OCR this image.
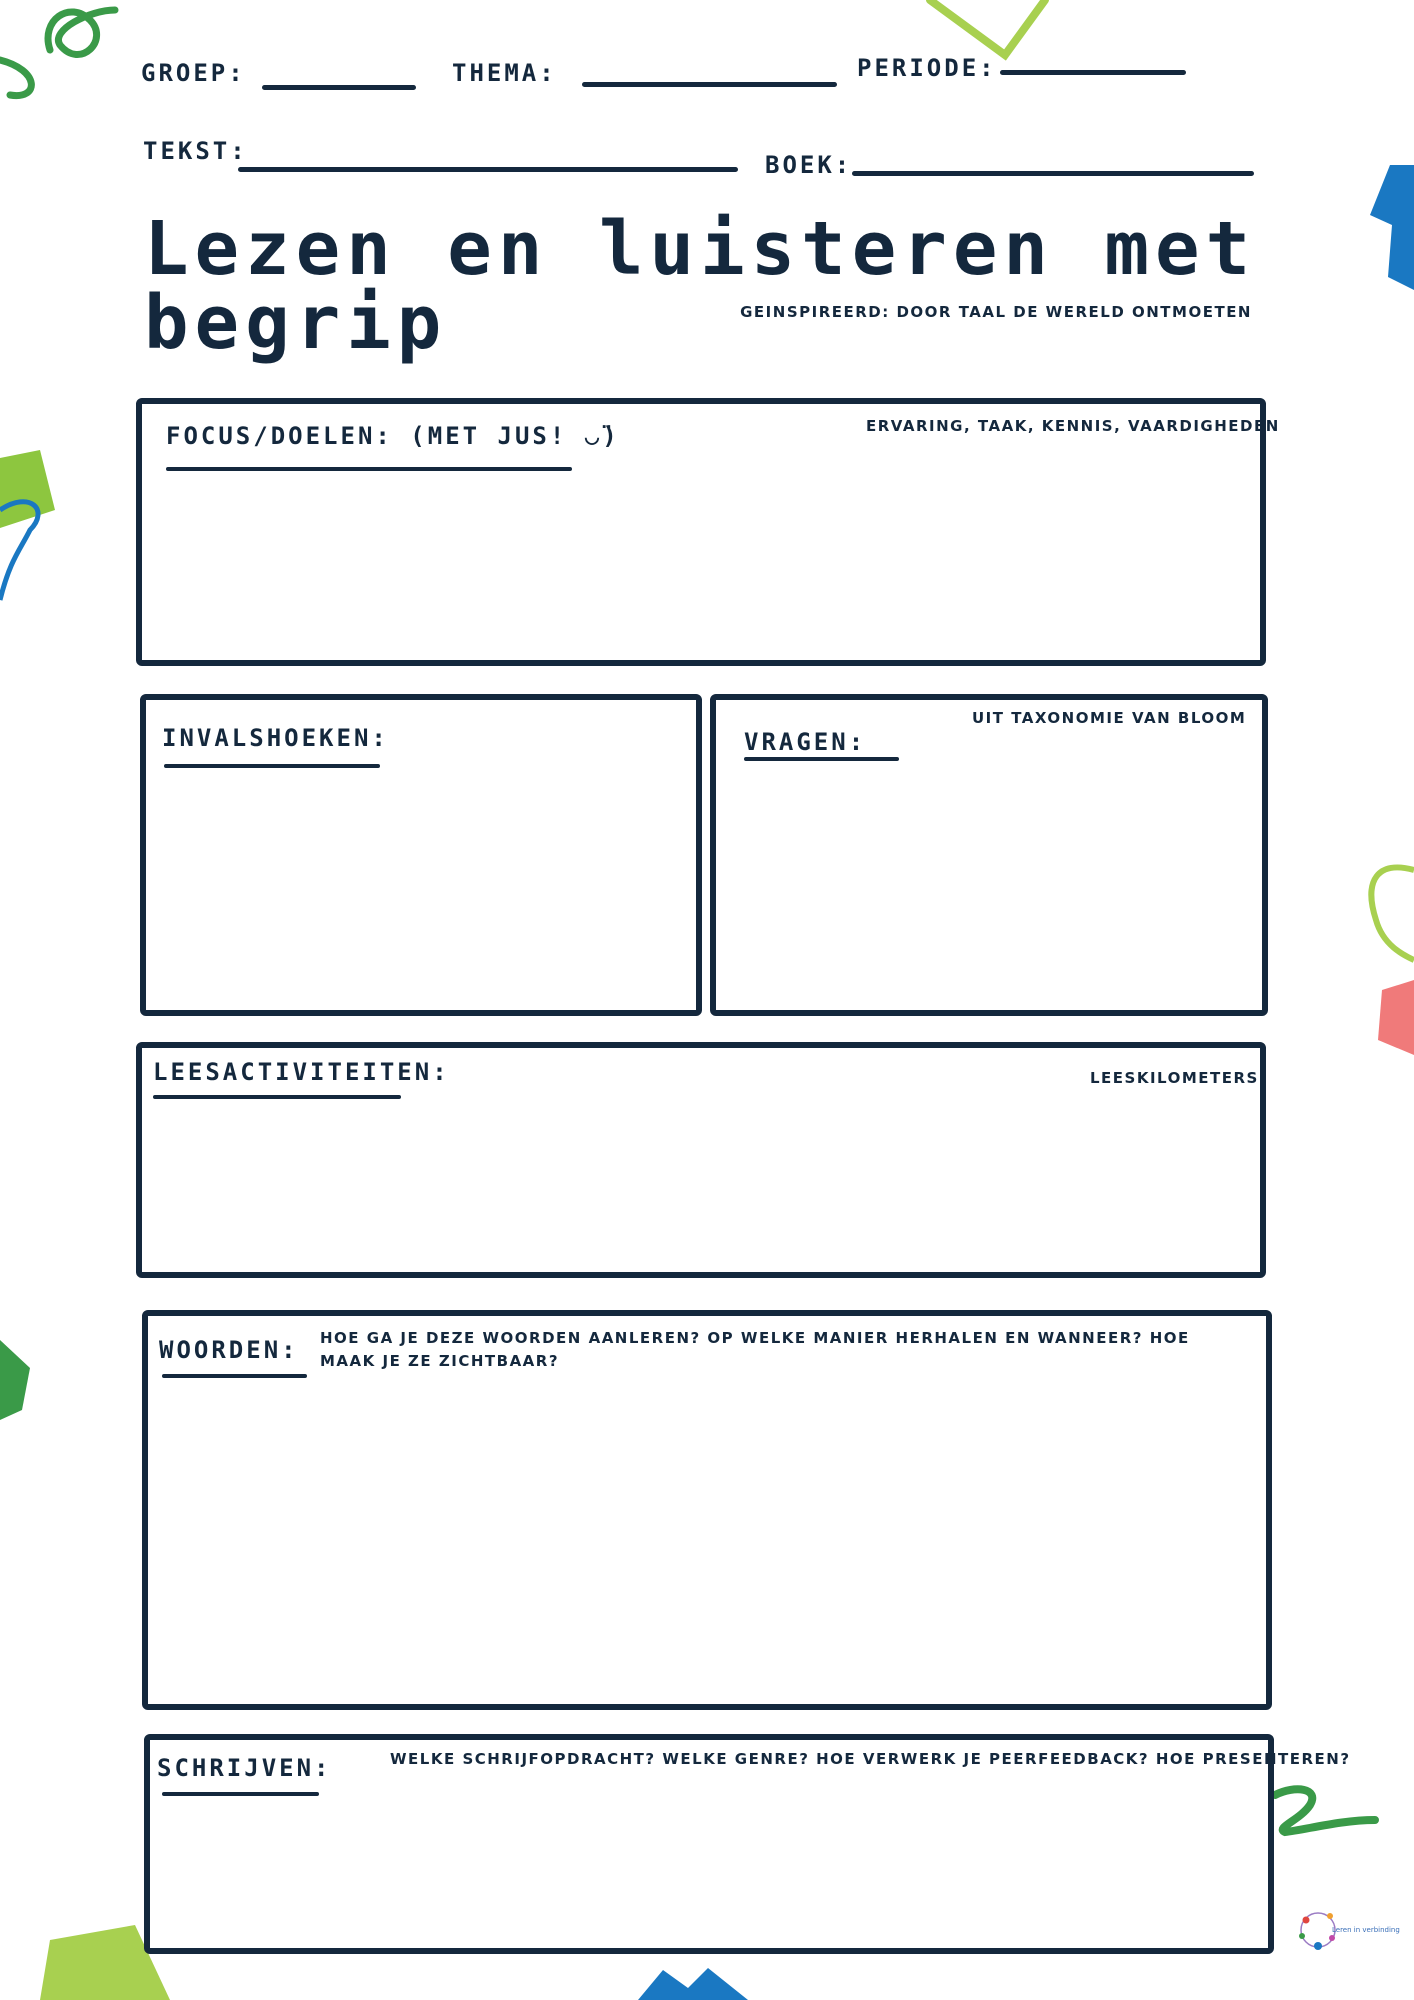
GROEP:	THEMA:	PERIODE:
TEKST:	BOEK:
Lezen en luisteren met begrip	GEINSPIREERD: DOOR TAAL DE WERELD ONTMOETEN
FOCUS/DOELEN: (MET JUS! ◡̈)	ERVARING, TAAK, KENNIS, VAARDIGHEDEN
INVALSHOEKEN:	VRAGEN:
UIT TAXONOMIE VAN BLOOM
LEESACTIVITEITEN:	LEESKILOMETERS
WOORDEN: HOE GA JE DEZE WOORDEN AANLEREN? OP WELKE MANIER HERHALEN EN WANNEER? HOE MAAK JE ZE ZICHTBAAR?
SCHRIJVEN:	WELKE SCHRIJFOPDRACHT? WELKE GENRE? HOE VERWERK JE PEERFEEDBACK? HOE PRESENTEREN?
Leren in verbinding
